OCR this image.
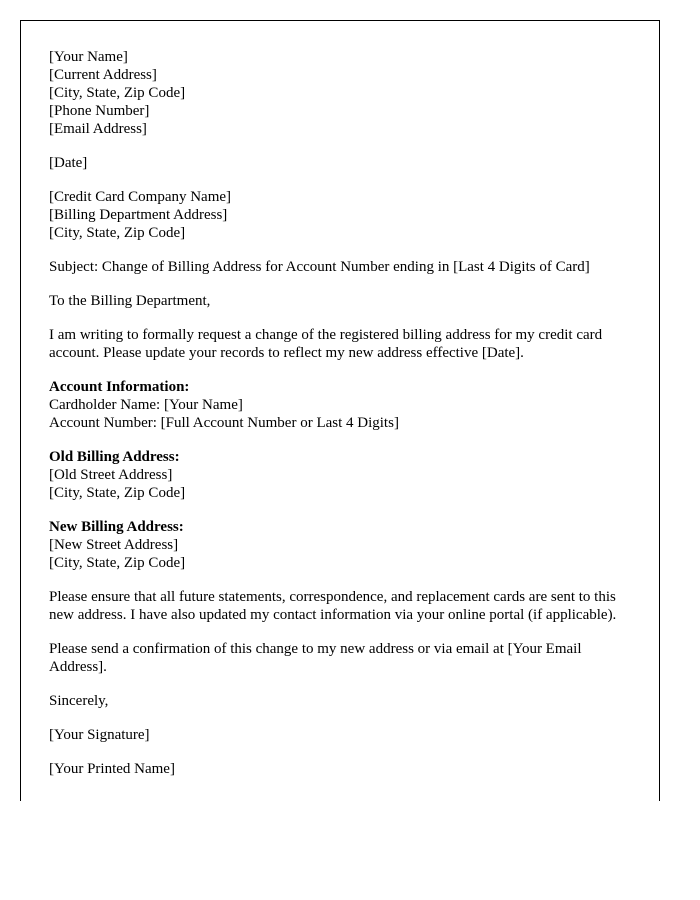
[Your Name]
[Current Address]
[City, State, Zip Code]
[Phone Number]
[Email Address]
[Date]
[Credit Card Company Name]
[Billing Department Address]
[City, State, Zip Code]
Subject: Change of Billing Address for Account Number ending in [Last 4 Digits of Card]
To the Billing Department,
I am writing to formally request a change of the registered billing address for my credit card account. Please update your records to reflect my new address effective [Date].
Account Information:
Cardholder Name: [Your Name]
Account Number: [Full Account Number or Last 4 Digits]
Old Billing Address:
[Old Street Address]
[City, State, Zip Code]
New Billing Address:
[New Street Address]
[City, State, Zip Code]
Please ensure that all future statements, correspondence, and replacement cards are sent to this new address. I have also updated my contact information via your online portal (if applicable).
Please send a confirmation of this change to my new address or via email at [Your Email Address].
Sincerely,
[Your Signature]
[Your Printed Name]
